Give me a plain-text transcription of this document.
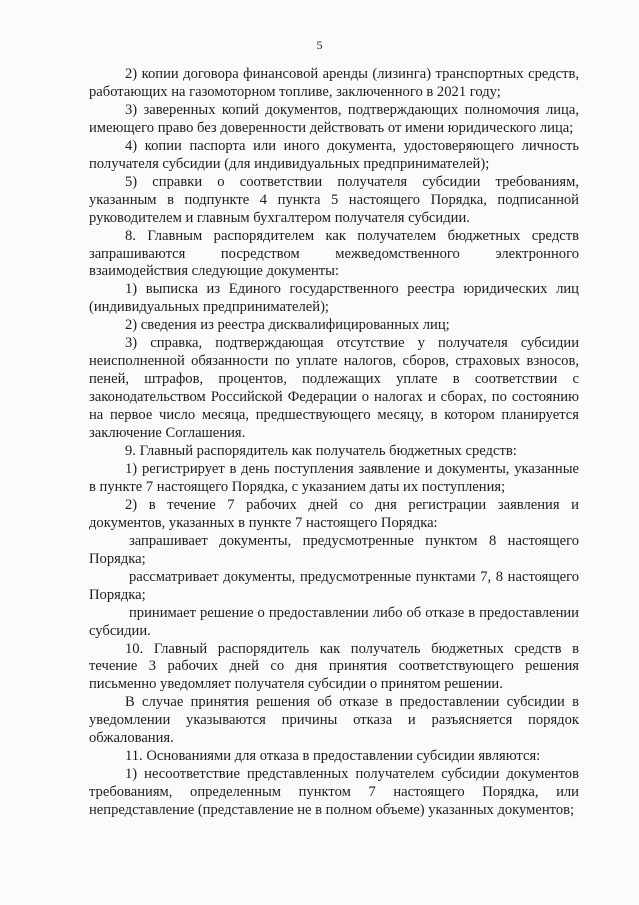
5

2) копии договора финансовой аренды (лизинга) транспортных средств, работающих на газомоторном топливе, заключенного в 2021 году;

3) заверенных копий документов, подтверждающих полномочия лица, имеющего право без доверенности действовать от имени юридического лица;

4) копии паспорта или иного документа, удостоверяющего личность получателя субсидии (для индивидуальных предпринимателей);

5) справки о соответствии получателя субсидии требованиям, указанным в подпункте 4 пункта 5 настоящего Порядка, подписанной руководителем и главным бухгалтером получателя субсидии.

8. Главным распорядителем как получателем бюджетных средств запрашиваются посредством межведомственного электронного взаимодействия следующие документы:

1) выписка из Единого государственного реестра юридических лиц (индивидуальных предпринимателей);

2) сведения из реестра дисквалифицированных лиц;

3) справка, подтверждающая отсутствие у получателя субсидии неисполненной обязанности по уплате налогов, сборов, страховых взносов, пеней, штрафов, процентов, подлежащих уплате в соответствии с законодательством Российской Федерации о налогах и сборах, по состоянию на первое число месяца, предшествующего месяцу, в котором планируется заключение Соглашения.

9. Главный распорядитель как получатель бюджетных средств:

1) регистрирует в день поступления заявление и документы, указанные в пункте 7 настоящего Порядка, с указанием даты их поступления;

2) в течение 7 рабочих дней со дня регистрации заявления и документов, указанных в пункте 7 настоящего Порядка:

запрашивает документы, предусмотренные пунктом 8 настоящего Порядка;

рассматривает документы, предусмотренные пунктами 7, 8 настоящего Порядка;

принимает решение о предоставлении либо об отказе в предоставлении субсидии.

10. Главный распорядитель как получатель бюджетных средств в течение 3 рабочих дней со дня принятия соответствующего решения письменно уведомляет получателя субсидии о принятом решении.

В случае принятия решения об отказе в предоставлении субсидии в уведомлении указываются причины отказа и разъясняется порядок обжалования.

11. Основаниями для отказа в предоставлении субсидии являются:

1) несоответствие представленных получателем субсидии документов требованиям, определенным пунктом 7 настоящего Порядка, или непредставление (представление не в полном объеме) указанных документов;
